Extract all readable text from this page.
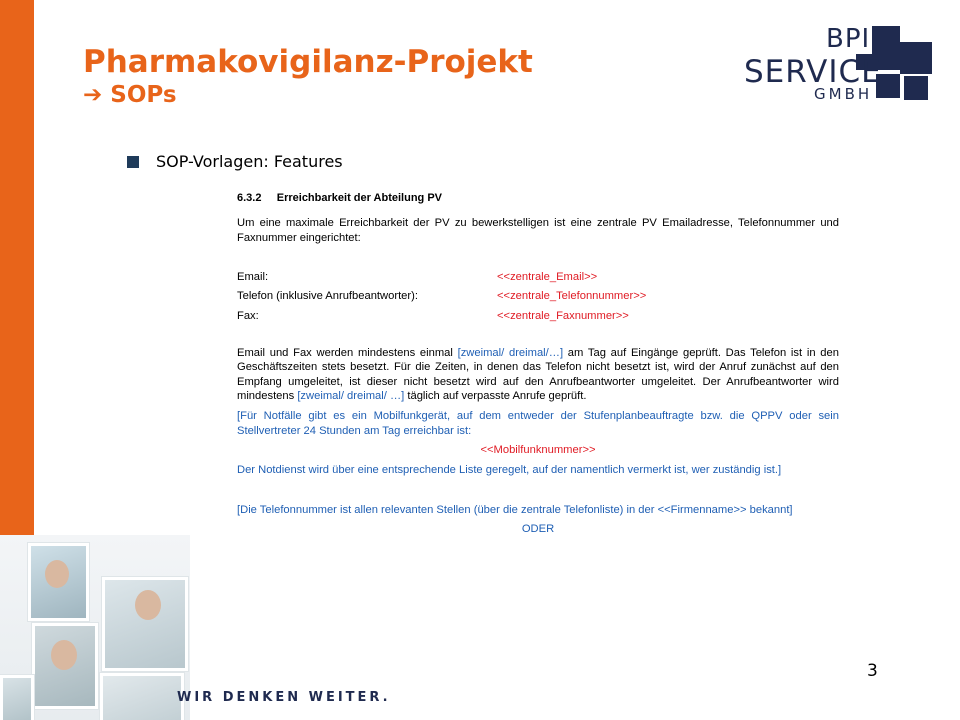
Pharmakovigilanz-Projekt
➔ SOPs
BPI
SERVICE
GMBH
SOP-Vorlagen: Features
6.3.2     Erreichbarkeit der Abteilung PV
Um eine maximale Erreichbarkeit der PV zu bewerkstelligen ist eine zentrale PV Emailadresse, Telefonnummer und Faxnummer eingerichtet:
Email:	<<zentrale_Email>>
Telefon (inklusive Anrufbeantworter):	<<zentrale_Telefonnummer>>
Fax:	<<zentrale_Faxnummer>>
Email und Fax werden mindestens einmal [zweimal/ dreimal/…] am Tag auf Eingänge geprüft. Das Telefon ist in den Geschäftszeiten stets besetzt. Für die Zeiten, in denen das Telefon nicht besetzt ist, wird der Anruf zunächst auf den Empfang umgeleitet, ist dieser nicht besetzt wird auf den Anrufbeantworter umgeleitet. Der Anrufbeantworter wird mindestens [zweimal/ dreimal/ …] täglich auf verpasste Anrufe geprüft.
[Für Notfälle gibt es ein Mobilfunkgerät, auf dem entweder der Stufenplanbeauftragte bzw. die QPPV oder sein Stellvertreter 24 Stunden am Tag erreichbar ist:
<<Mobilfunknummer>>
Der Notdienst wird über eine entsprechende Liste geregelt, auf der namentlich vermerkt ist, wer zuständig ist.]
[Die Telefonnummer ist allen relevanten Stellen (über die zentrale Telefonliste) in der <<Firmenname>> bekannt]
ODER
3
WIR DENKEN WEITER.
